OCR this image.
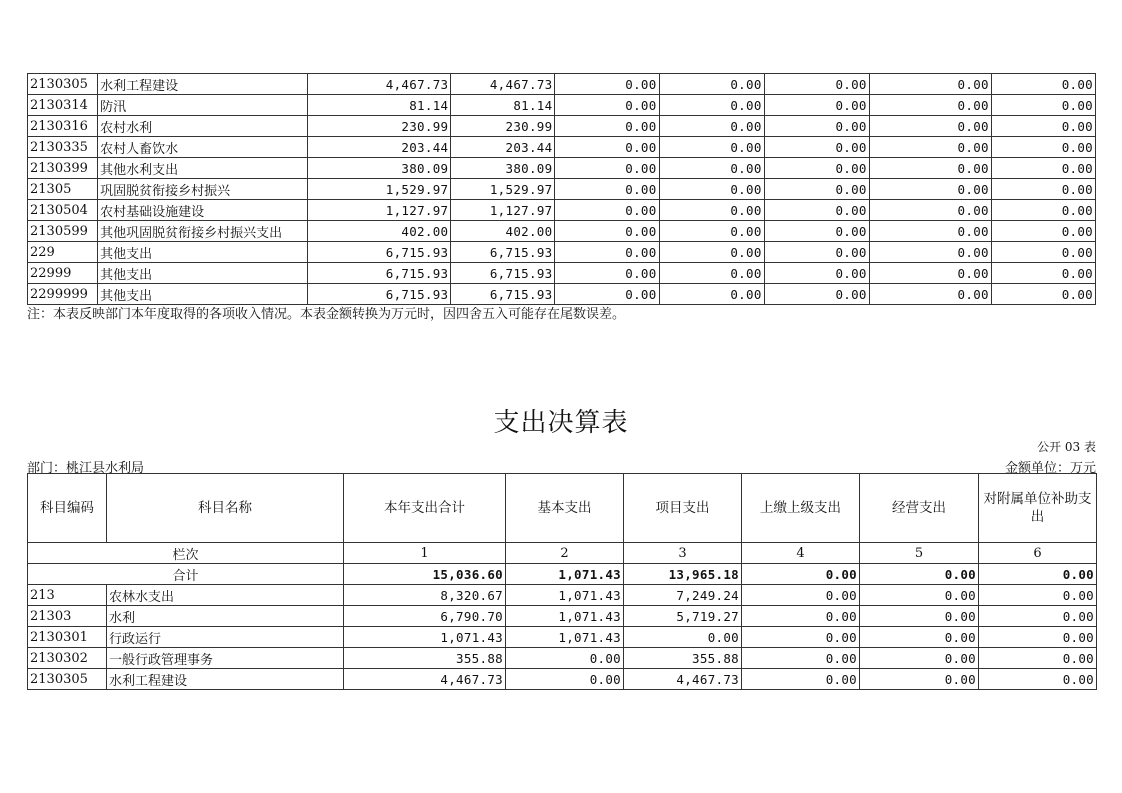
2130305	水利工程建设	4,467.73	4,467.73	0.00	0.00	0.00	0.00	0.00
2130314	防汛	81.14	81.14	0.00	0.00	0.00	0.00	0.00
2130316	农村水利	230.99	230.99	0.00	0.00	0.00	0.00	0.00
2130335	农村人畜饮水	203.44	203.44	0.00	0.00	0.00	0.00	0.00
2130399	其他水利支出	380.09	380.09	0.00	0.00	0.00	0.00	0.00
21305	巩固脱贫衔接乡村振兴	1,529.97	1,529.97	0.00	0.00	0.00	0.00	0.00
2130504	农村基础设施建设	1,127.97	1,127.97	0.00	0.00	0.00	0.00	0.00
2130599	其他巩固脱贫衔接乡村振兴支出	402.00	402.00	0.00	0.00	0.00	0.00	0.00
229	其他支出	6,715.93	6,715.93	0.00	0.00	0.00	0.00	0.00
22999	其他支出	6,715.93	6,715.93	0.00	0.00	0.00	0.00	0.00
2299999	其他支出	6,715.93	6,715.93	0.00	0.00	0.00	0.00	0.00
注：本表反映部门本年度取得的各项收入情况。本表金额转换为万元时，因四舍五入可能存在尾数误差。
支出决算表
公开 03 表
部门：桃江县水利局	金额单位：万元
科目编码	科目名称	本年支出合计	基本支出	项目支出	上缴上级支出	经营支出	对附属单位补助支出
栏次		1	2	3	4	5	6
合计		15,036.60	1,071.43	13,965.18	0.00	0.00	0.00
213	农林水支出	8,320.67	1,071.43	7,249.24	0.00	0.00	0.00
21303	水利	6,790.70	1,071.43	5,719.27	0.00	0.00	0.00
2130301	行政运行	1,071.43	1,071.43	0.00	0.00	0.00	0.00
2130302	一般行政管理事务	355.88	0.00	355.88	0.00	0.00	0.00
2130305	水利工程建设	4,467.73	0.00	4,467.73	0.00	0.00	0.00
